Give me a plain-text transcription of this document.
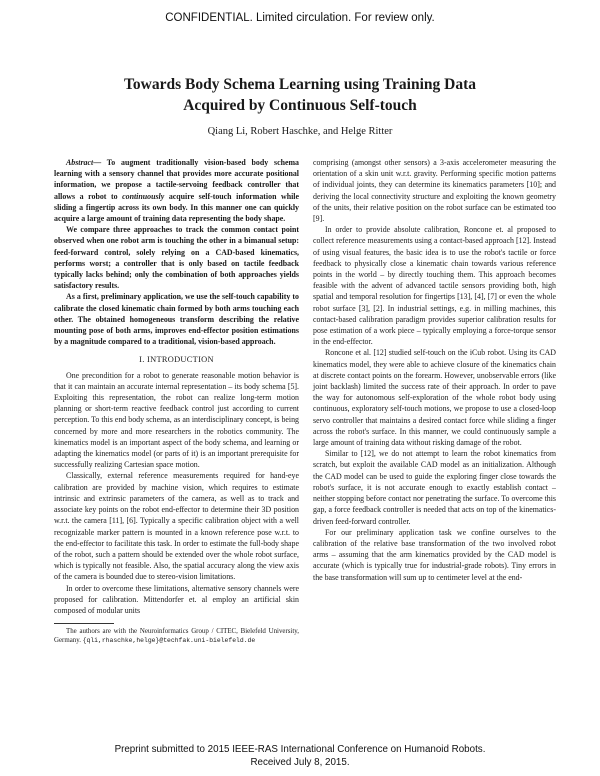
CONFIDENTIAL. Limited circulation. For review only.
Towards Body Schema Learning using Training Data
Acquired by Continuous Self-touch
Qiang Li, Robert Haschke, and Helge Ritter

Abstract— To augment traditionally vision-based body schema learning with a sensory channel that provides more accurate positional information, we propose a tactile-servoing feedback controller that allows a robot to continuously acquire self-touch information while sliding a fingertip across its own body. In this manner one can quickly acquire a large amount of training data representing the body shape.

We compare three approaches to track the common contact point observed when one robot arm is touching the other in a bimanual setup: feed-forward control, solely relying on a CAD-based kinematics, performs worst; a controller that is only based on tactile feedback typically lacks behind; only the combination of both approaches yields satisfactory results.

As a first, preliminary application, we use the self-touch capability to calibrate the closed kinematic chain formed by both arms touching each other. The obtained homogeneous transform describing the relative mounting pose of both arms, improves end-effector position estimations by a magnitude compared to a traditional, vision-based approach.

I. INTRODUCTION

One precondition for a robot to generate reasonable motion behavior is that it can maintain an accurate internal representation – its body schema [5]. Exploiting this representation, the robot can realize long-term motion planning or short-term reactive feedback control just according to current perception. To this end body schema, as an interdisciplinary concept, is being concerned by more and more researchers in the robotics community. The kinematics model is an important aspect of the body schema, and learning or adapting the kinematics model (or parts of it) is an important prerequisite for successfully realizing Cartesian space motion.

Classically, external reference measurements required for hand-eye calibration are provided by machine vision, which requires to estimate intrinsic and extrinsic parameters of the camera, as well as to track and associate key points on the robot end-effector to determine their 3D position w.r.t. the camera [11], [6]. Typically a specific calibration object with a well recognizable marker pattern is mounted in a known reference pose w.r.t. to the end-effector to facilitate this task. In order to estimate the full-body shape of the robot, such a pattern should be extended over the whole robot surface, which is typically not feasible. Also, the spatial accuracy along the view axis of the camera is bounded due to stereo-vision limitations.

In order to overcome these limitations, alternative sensory channels were proposed for calibration. Mittendorfer et. al employ an artificial skin composed of modular units

The authors are with the Neuroinformatics Group / CITEC, Bielefeld University, Germany. {qli,rhaschke,helge}@techfak.uni-bielefeld.de

comprising (amongst other sensors) a 3-axis accelerometer measuring the orientation of a skin unit w.r.t. gravity. Performing specific motion patterns of individual joints, they can determine its kinematics parameters [10]; and deriving the local connectivity structure and exploiting the known geometry of the units, their relative position on the robot surface can be estimated too [9].

In order to provide absolute calibration, Roncone et. al proposed to collect reference measurements using a contact-based approach [12]. Instead of using visual features, the basic idea is to use the robot's tactile or force feedback to physically close a kinematic chain towards various reference points in the world – by directly touching them. This approach becomes feasible with the advent of advanced tactile sensors providing both, high spatial and temporal resolution for fingertips [13], [4], [7] or even the whole robot surface [3], [2]. In industrial settings, e.g. in milling machines, this contact-based calibration paradigm provides superior calibration results for pose estimation of a work piece – typically employing a force-torque sensor in the end-effector.

Roncone et al. [12] studied self-touch on the iCub robot. Using its CAD kinematics model, they were able to achieve closure of the kinematics chain at discrete contact points on the forearm. However, unobservable errors (like joint backlash) limited the success rate of their approach. In order to pave the way for autonomous self-exploration of the whole robot body using continuous, exploratory self-touch motions, we propose to use a closed-loop servo controller that maintains a desired contact force while sliding a finger across the robot's surface. In this manner, we could continuously sample a large amount of training data without risking damage of the robot.

Similar to [12], we do not attempt to learn the robot kinematics from scratch, but exploit the available CAD model as an initialization. Although the CAD model can be used to guide the exploring finger close towards the robot's surface, it is not accurate enough to exactly establish contact – neither stopping before contact nor penetrating the surface. To overcome this gap, a force feedback controller is needed that acts on top of the kinematics-driven feed-forward controller.

For our preliminary application task we confine ourselves to the calibration of the relative base transformation of the two involved robot arms – assuming that the arm kinematics provided by the CAD model is accurate (which is typically true for industrial-grade robots). Tiny errors in the base transformation will sum up to centimeter level at the end-

Preprint submitted to 2015 IEEE-RAS International Conference on Humanoid Robots.
Received July 8, 2015.
